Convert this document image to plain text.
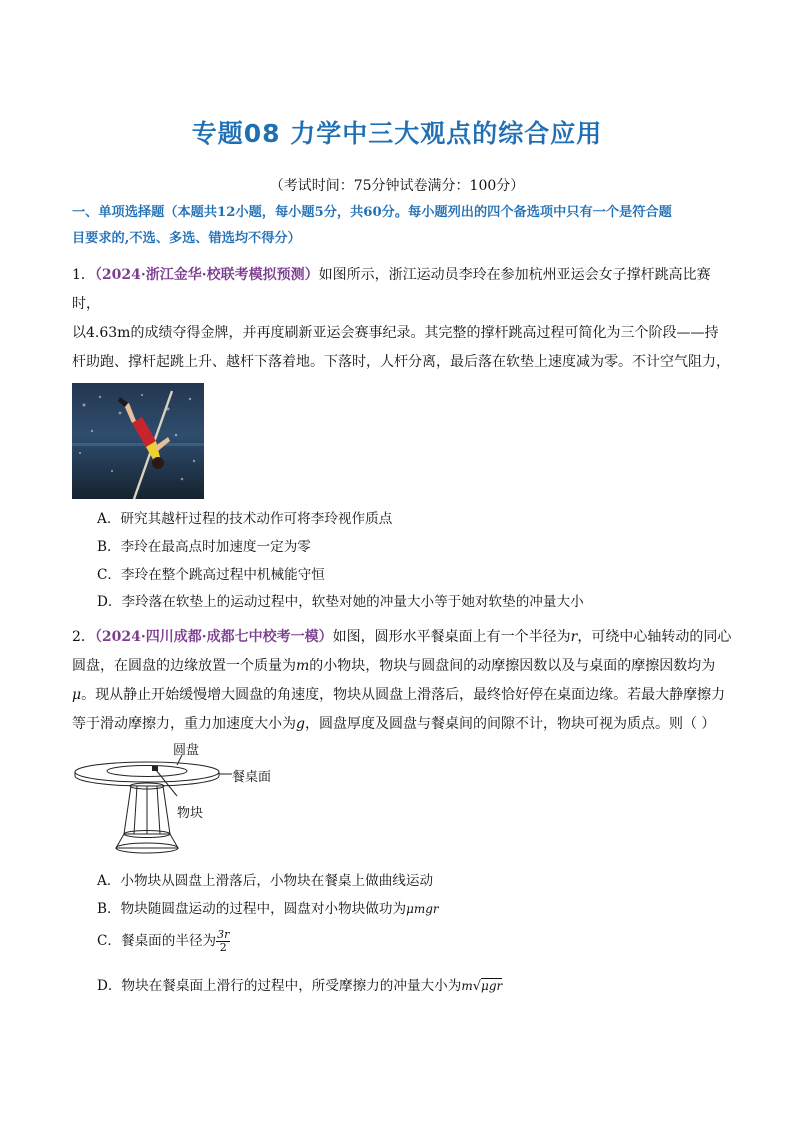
专题08 力学中三大观点的综合应用
（考试时间：75分钟试卷满分：100分）
一、单项选择题（本题共12小题，每小题5分，共60分。每小题列出的四个备选项中只有一个是符合题
目要求的,不选、多选、错选均不得分）
1．（2024·浙江金华·校联考模拟预测）如图所示，浙江运动员李玲在参加杭州亚运会女子撑杆跳高比赛时，
以4.63m的成绩夺得金牌，并再度刷新亚运会赛事纪录。其完整的撑杆跳高过程可简化为三个阶段——持
杆助跑、撑杆起跳上升、越杆下落着地。下落时，人杆分离，最后落在软垫上速度减为零。不计空气阻力，
A．研究其越杆过程的技术动作可将李玲视作质点
B．李玲在最高点时加速度一定为零
C．李玲在整个跳高过程中机械能守恒
D．李玲落在软垫上的运动过程中，软垫对她的冲量大小等于她对软垫的冲量大小
2．（2024·四川成都·成都七中校考一模）如图，圆形水平餐桌面上有一个半径为r，可绕中心轴转动的同心
圆盘，在圆盘的边缘放置一个质量为m的小物块，物块与圆盘间的动摩擦因数以及与桌面的摩擦因数均为
μ。现从静止开始缓慢增大圆盘的角速度，物块从圆盘上滑落后，最终恰好停在桌面边缘。若最大静摩擦力
等于滑动摩擦力，重力加速度大小为g，圆盘厚度及圆盘与餐桌间的间隙不计，物块可视为质点。则（ ）
圆盘
餐桌面
物块
A．小物块从圆盘上滑落后，小物块在餐桌上做曲线运动
B．物块随圆盘运动的过程中，圆盘对小物块做功为μmgr
C．餐桌面的半径为 $\frac{3r}{2}$
D．物块在餐桌面上滑行的过程中，所受摩擦力的冲量大小为m√μgr
